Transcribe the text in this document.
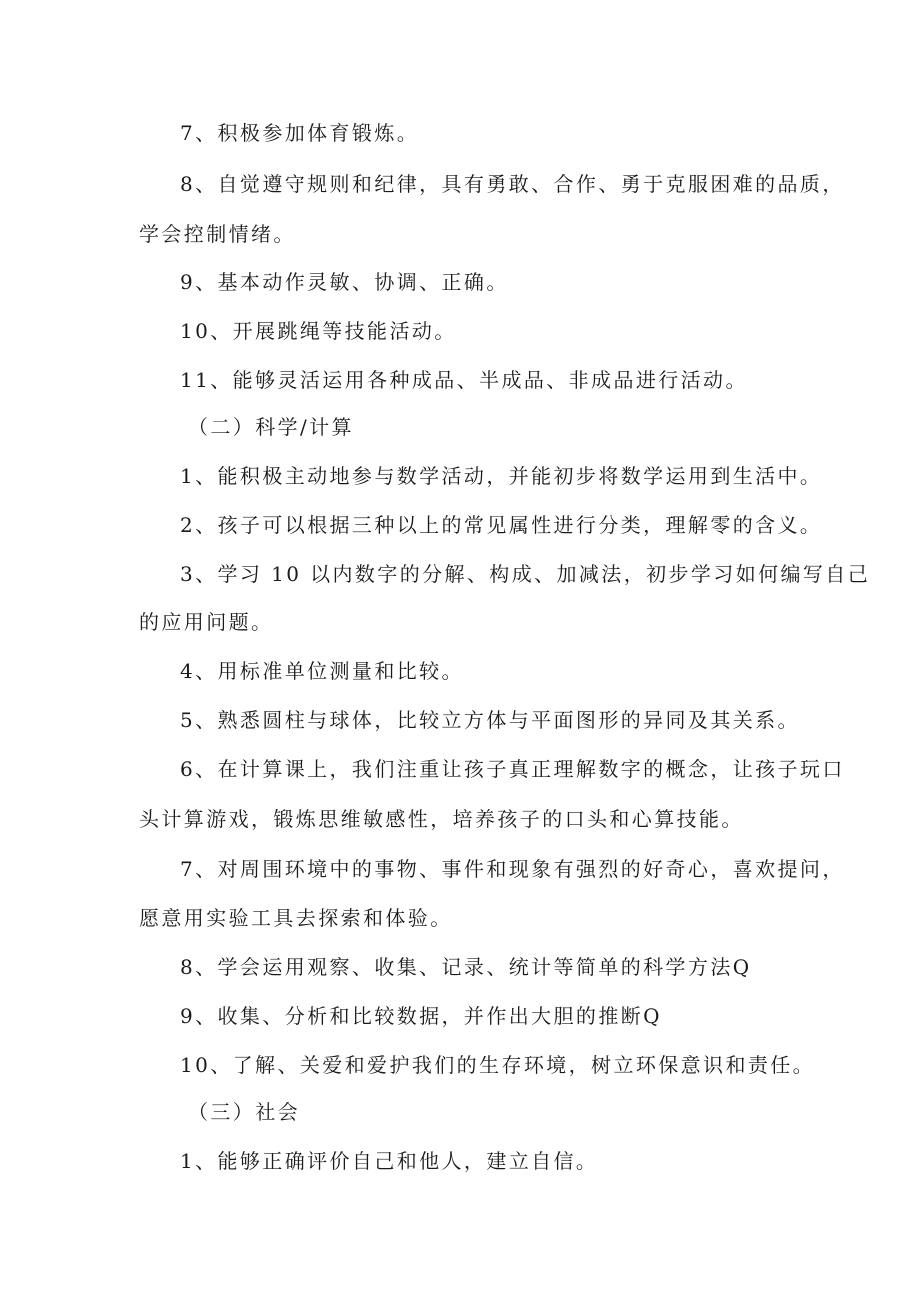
7、积极参加体育锻炼。

8、自觉遵守规则和纪律，具有勇敢、合作、勇于克服困难的品质，

学会控制情绪。

9、基本动作灵敏、协调、正确。

10、开展跳绳等技能活动。

11、能够灵活运用各种成品、半成品、非成品进行活动。

（二）科学/计算

1、能积极主动地参与数学活动，并能初步将数学运用到生活中。

2、孩子可以根据三种以上的常见属性进行分类，理解零的含义。

3、学习 10 以内数字的分解、构成、加减法，初步学习如何编写自己

的应用问题。

4、用标准单位测量和比较。

5、熟悉圆柱与球体，比较立方体与平面图形的异同及其关系。

6、在计算课上，我们注重让孩子真正理解数字的概念，让孩子玩口

头计算游戏，锻炼思维敏感性，培养孩子的口头和心算技能。

7、对周围环境中的事物、事件和现象有强烈的好奇心，喜欢提问，

愿意用实验工具去探索和体验。

8、学会运用观察、收集、记录、统计等简单的科学方法Q

9、收集、分析和比较数据，并作出大胆的推断Q

10、了解、关爱和爱护我们的生存环境，树立环保意识和责任。

（三）社会

1、能够正确评价自己和他人，建立自信。
